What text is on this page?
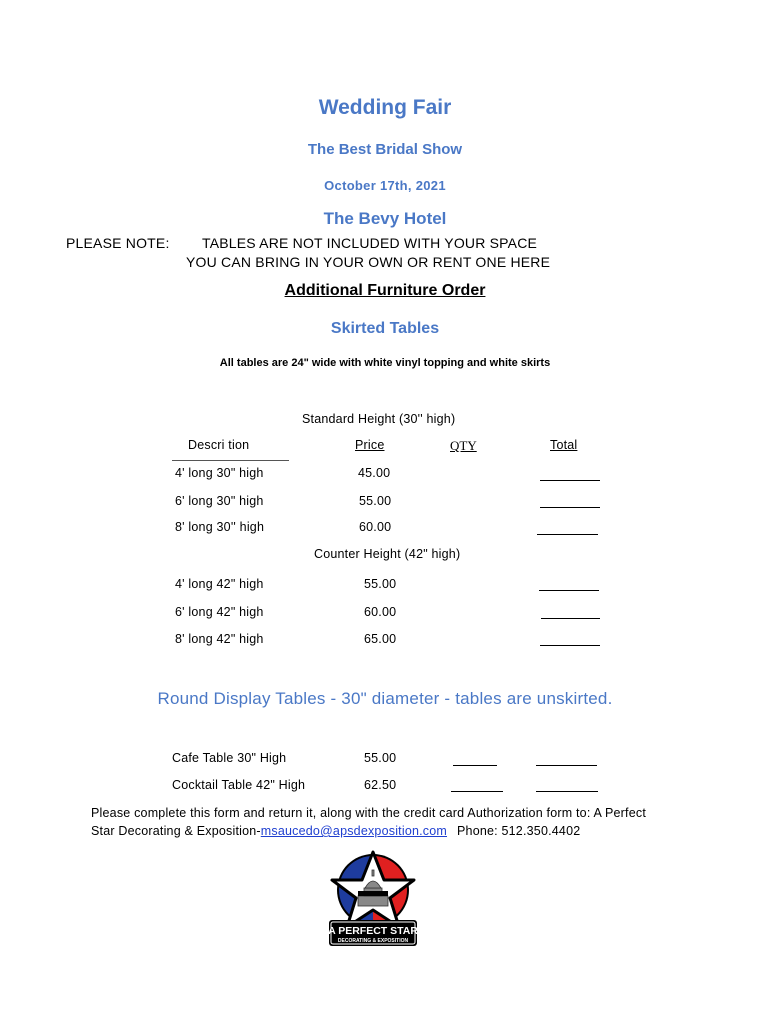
Wedding Fair
The Best Bridal Show
October 17th, 2021
The Bevy Hotel
PLEASE NOTE: TABLES ARE NOT INCLUDED WITH YOUR SPACE
YOU CAN BRING IN YOUR OWN OR RENT ONE HERE
Additional Furniture Order
Skirted Tables
All tables are 24" wide with white vinyl topping and white skirts
Standard Height (30'' high)
Descri tion	Price	QTY	Total
4' long 30" high	45.00
6' long 30" high	55.00
8' long 30'' high	60.00
Counter Height (42" high)
4' long 42" high	55.00
6' long 42" high	60.00
8' long 42" high	65.00
Round Display Tables - 30" diameter - tables are unskirted.
Cafe Table 30" High	55.00
Cocktail Table 42" High	62.50
Please complete this form and return it, along with the credit card Authorization form to: A Perfect
Star Decorating & Exposition-msaucedo@apsdexposition.com Phone: 512.350.4402
A PERFECT STAR
DECORATING & EXPOSITION
